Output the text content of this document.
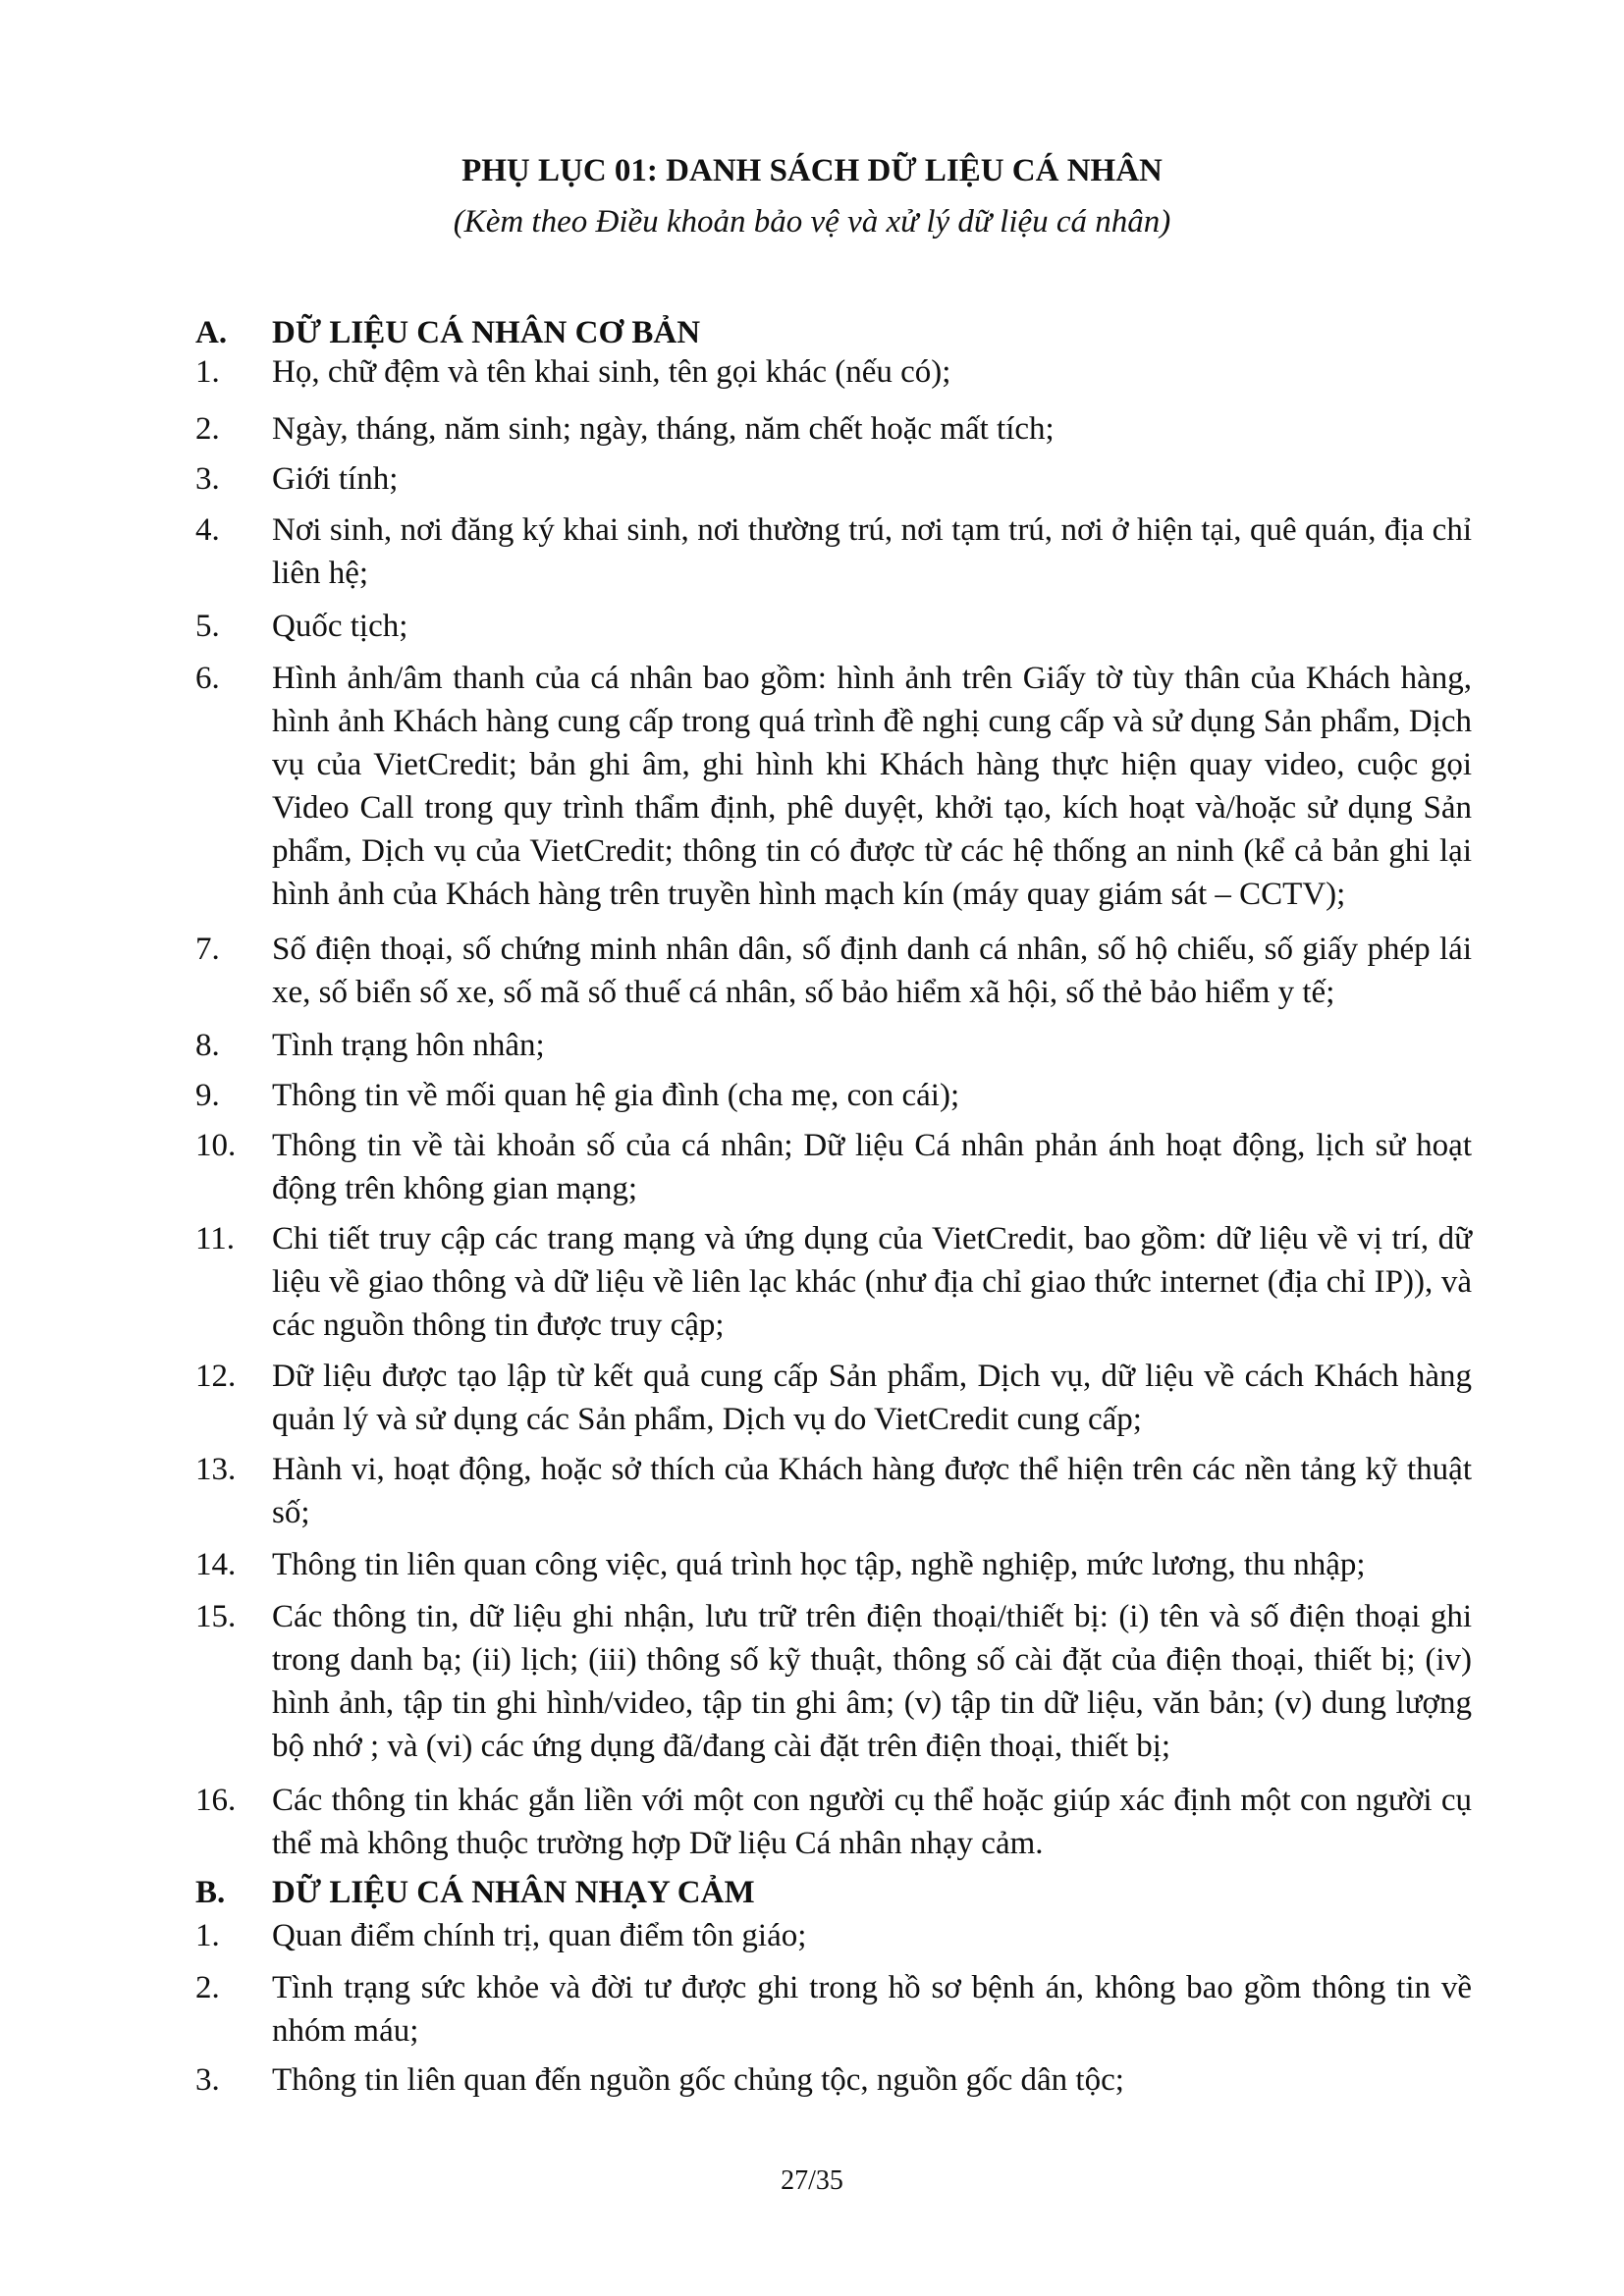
PHỤ LỤC 01: DANH SÁCH DỮ LIỆU CÁ NHÂN
(Kèm theo Điều khoản bảo vệ và xử lý dữ liệu cá nhân)
A. DỮ LIỆU CÁ NHÂN CƠ BẢN
1. Họ, chữ đệm và tên khai sinh, tên gọi khác (nếu có);
2. Ngày, tháng, năm sinh; ngày, tháng, năm chết hoặc mất tích;
3. Giới tính;
4. Nơi sinh, nơi đăng ký khai sinh, nơi thường trú, nơi tạm trú, nơi ở hiện tại, quê quán, địa chỉ liên hệ;
5. Quốc tịch;
6. Hình ảnh/âm thanh của cá nhân bao gồm: hình ảnh trên Giấy tờ tùy thân của Khách hàng, hình ảnh Khách hàng cung cấp trong quá trình đề nghị cung cấp và sử dụng Sản phẩm, Dịch vụ của VietCredit; bản ghi âm, ghi hình khi Khách hàng thực hiện quay video, cuộc gọi Video Call trong quy trình thẩm định, phê duyệt, khởi tạo, kích hoạt và/hoặc sử dụng Sản phẩm, Dịch vụ của VietCredit; thông tin có được từ các hệ thống an ninh (kể cả bản ghi lại hình ảnh của Khách hàng trên truyền hình mạch kín (máy quay giám sát – CCTV);
7. Số điện thoại, số chứng minh nhân dân, số định danh cá nhân, số hộ chiếu, số giấy phép lái xe, số biển số xe, số mã số thuế cá nhân, số bảo hiểm xã hội, số thẻ bảo hiểm y tế;
8. Tình trạng hôn nhân;
9. Thông tin về mối quan hệ gia đình (cha mẹ, con cái);
10. Thông tin về tài khoản số của cá nhân; Dữ liệu Cá nhân phản ánh hoạt động, lịch sử hoạt động trên không gian mạng;
11. Chi tiết truy cập các trang mạng và ứng dụng của VietCredit, bao gồm: dữ liệu về vị trí, dữ liệu về giao thông và dữ liệu về liên lạc khác (như địa chỉ giao thức internet (địa chỉ IP)), và các nguồn thông tin được truy cập;
12. Dữ liệu được tạo lập từ kết quả cung cấp Sản phẩm, Dịch vụ, dữ liệu về cách Khách hàng quản lý và sử dụng các Sản phẩm, Dịch vụ do VietCredit cung cấp;
13. Hành vi, hoạt động, hoặc sở thích của Khách hàng được thể hiện trên các nền tảng kỹ thuật số;
14. Thông tin liên quan công việc, quá trình học tập, nghề nghiệp, mức lương, thu nhập;
15. Các thông tin, dữ liệu ghi nhận, lưu trữ trên điện thoại/thiết bị: (i) tên và số điện thoại ghi trong danh bạ; (ii) lịch; (iii) thông số kỹ thuật, thông số cài đặt của điện thoại, thiết bị; (iv) hình ảnh, tập tin ghi hình/video, tập tin ghi âm; (v) tập tin dữ liệu, văn bản; (v) dung lượng bộ nhớ ; và (vi) các ứng dụng đã/đang cài đặt trên điện thoại, thiết bị;
16. Các thông tin khác gắn liền với một con người cụ thể hoặc giúp xác định một con người cụ thể mà không thuộc trường hợp Dữ liệu Cá nhân nhạy cảm.
B. DỮ LIỆU CÁ NHÂN NHẠY CẢM
1. Quan điểm chính trị, quan điểm tôn giáo;
2. Tình trạng sức khỏe và đời tư được ghi trong hồ sơ bệnh án, không bao gồm thông tin về nhóm máu;
3. Thông tin liên quan đến nguồn gốc chủng tộc, nguồn gốc dân tộc;
27/35
